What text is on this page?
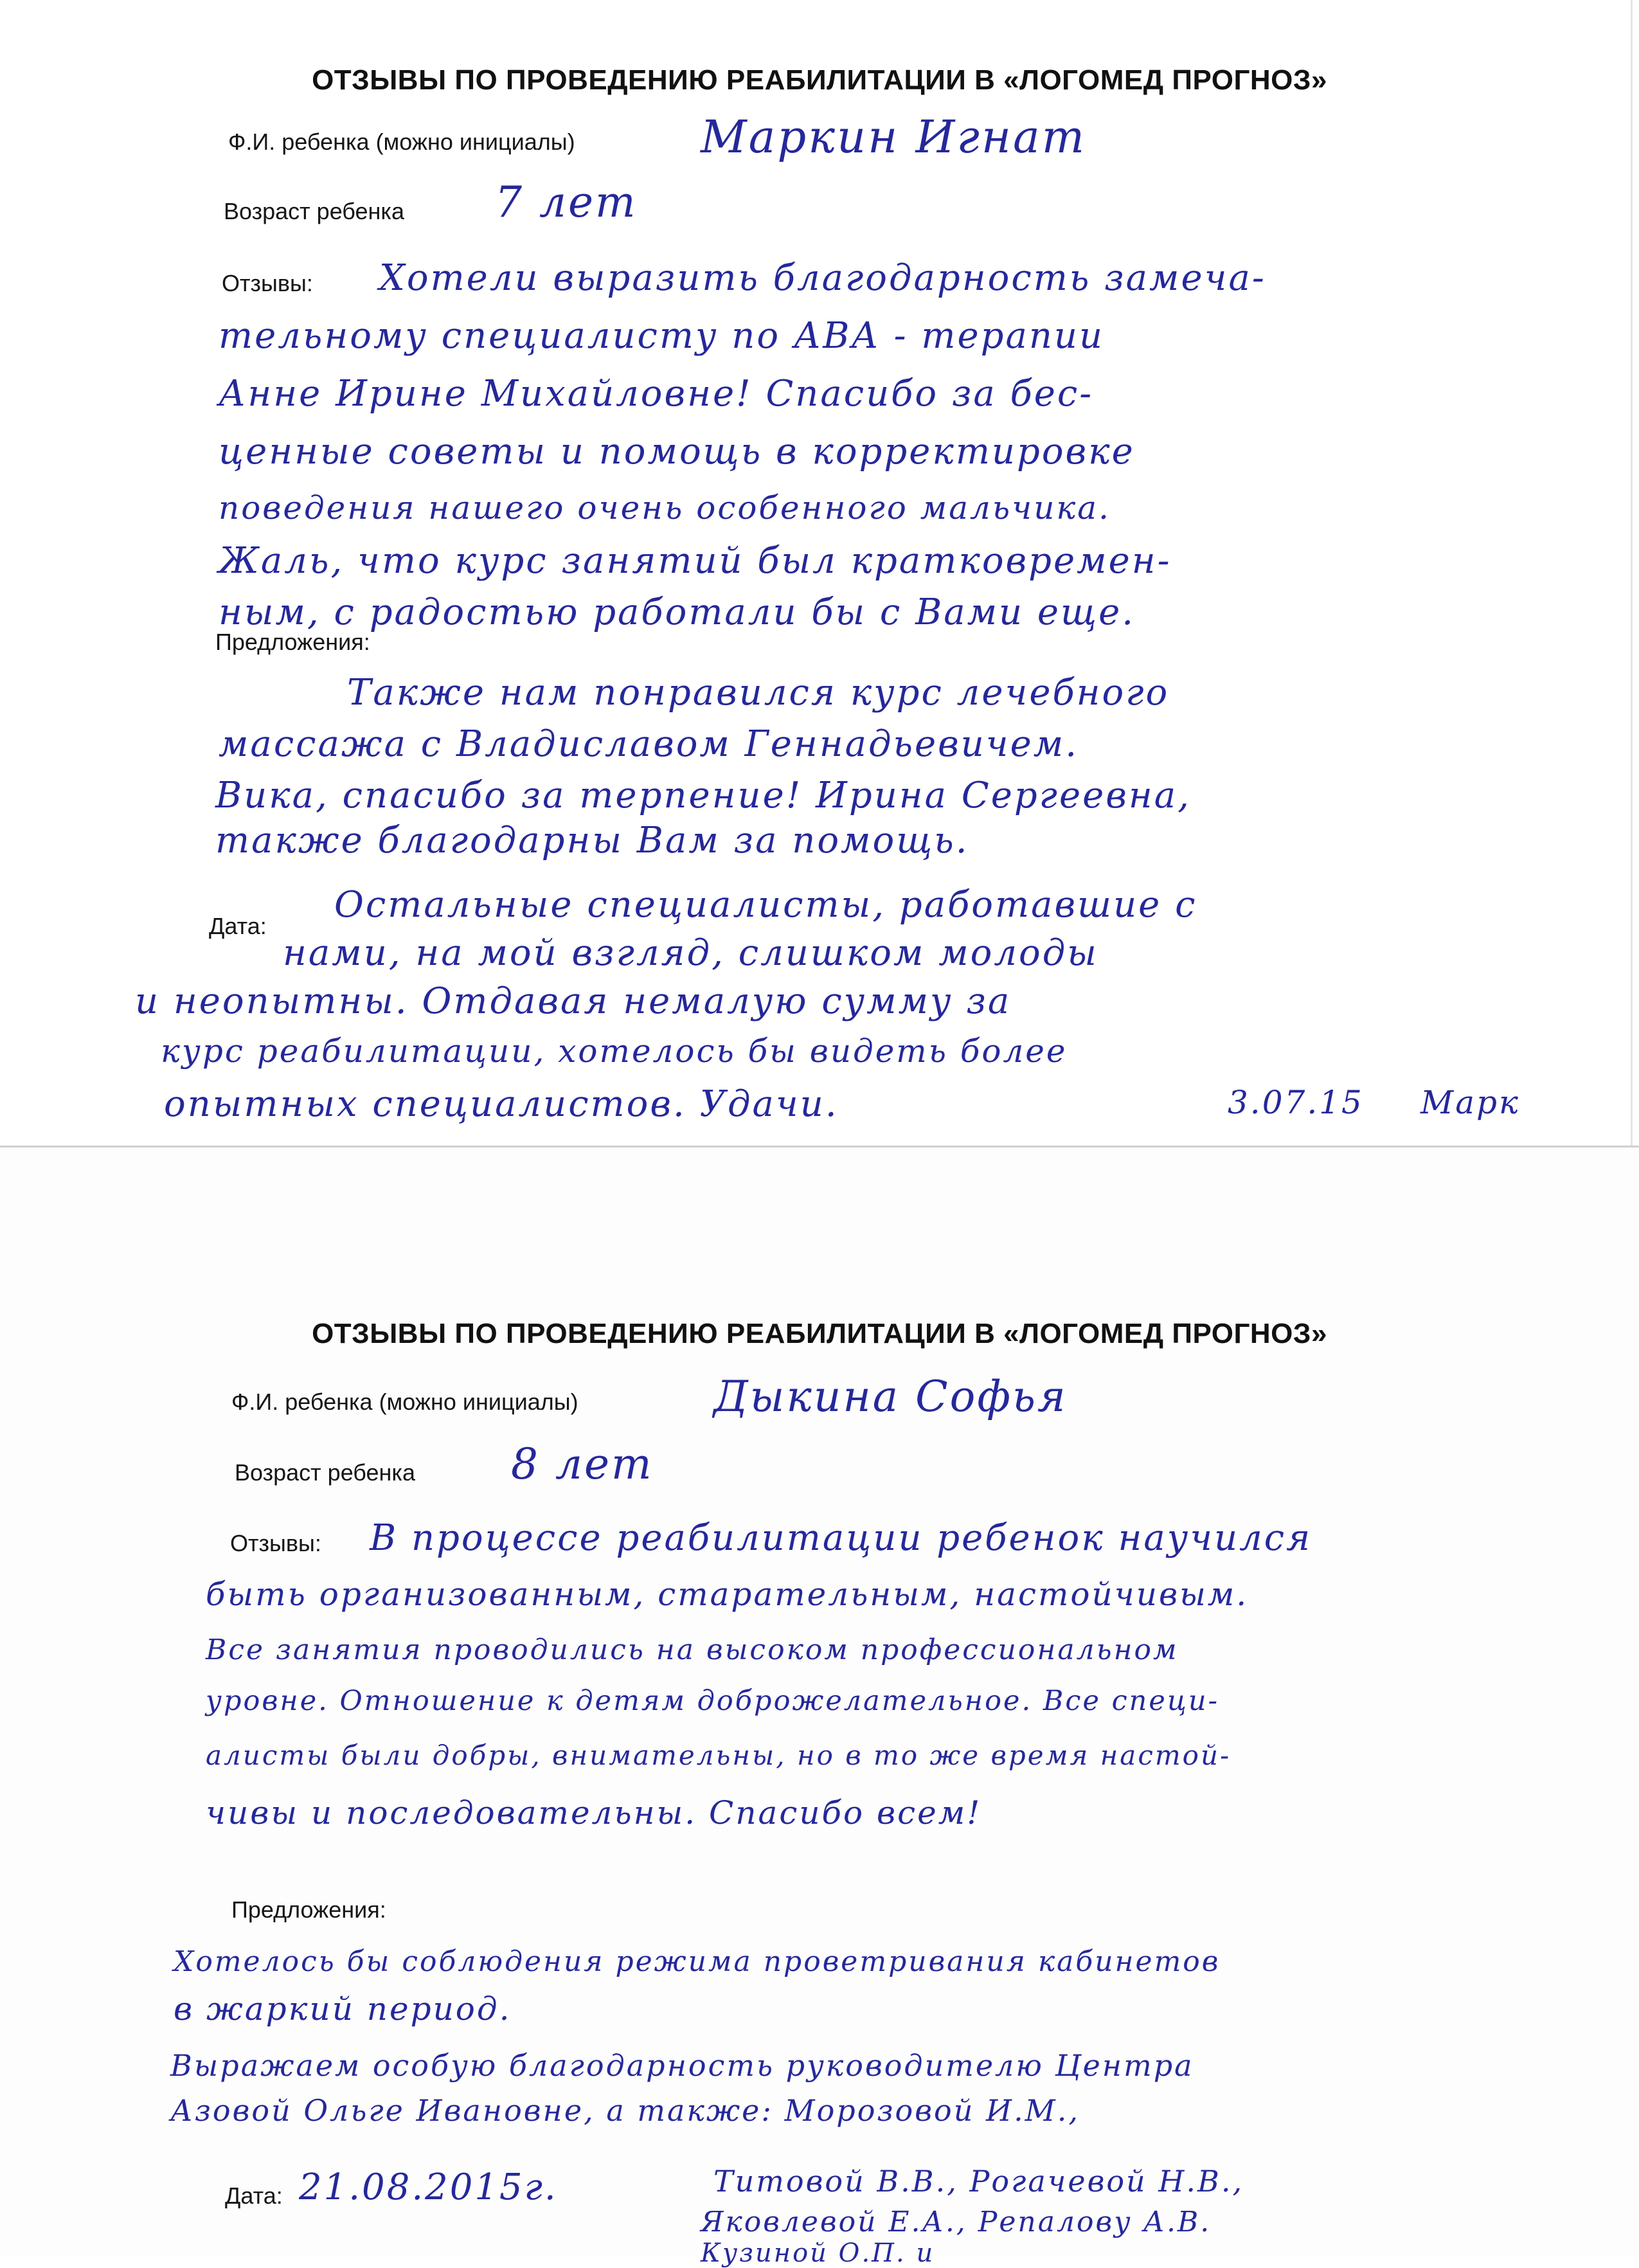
ОТЗЫВЫ ПО ПРОВЕДЕНИЮ РЕАБИЛИТАЦИИ В «ЛОГОМЕД ПРОГНОЗ»
Ф.И. ребенка (можно инициалы)	Маркин Игнат
Возраст ребенка 7 лет
Отзывы: Хотели выразить благодарность замеча-
тельному специалисту по АВА - терапии
Анне Ирине Михайловне! Спасибо за бес-
ценные советы и помощь в корректировке
поведения нашего очень особенного мальчика.
Жаль, что курс занятий был кратковремен-
ным, с радостью работали бы с Вами еще.
Предложения:
Также нам понравился курс лечебного
массажа с Владиславом Геннадьевичем.
Вика, спасибо за терпение! Ирина Сергеевна,
также благодарны Вам за помощь.
Остальные специалисты, работавшие с
нами, на мой взгляд, слишком молоды
и неопытны. Отдавая немалую сумму за
курс реабилитации, хотелось бы видеть более
опытных специалистов. Удачи.
Дата:
3.07.15 Марк
ОТЗЫВЫ ПО ПРОВЕДЕНИЮ РЕАБИЛИТАЦИИ В «ЛОГОМЕД ПРОГНОЗ»
Ф.И. ребенка (можно инициалы)	Дыкина Софья
Возраст ребенка 8 лет
Отзывы: В процессе реабилитации ребенок научился
быть организованным, старательным, настойчивым.
Все занятия проводились на высоком профессиональном
уровне. Отношение к детям доброжелательное. Все специ-
алисты были добры, внимательны, но в то же время настой-
чивы и последовательны. Спасибо всем!
Предложения:
Хотелось бы соблюдения режима проветривания кабинетов
в жаркий период.
Выражаем особую благодарность руководителю Центра
Азовой Ольге Ивановне, а также: Морозовой И.М.,
Дата: 21.08.2015г.	Титовой В.В., Рогачевой Н.В.,
Яковлевой Е.А., Репалову А.В.
Кузиной О.П. и
